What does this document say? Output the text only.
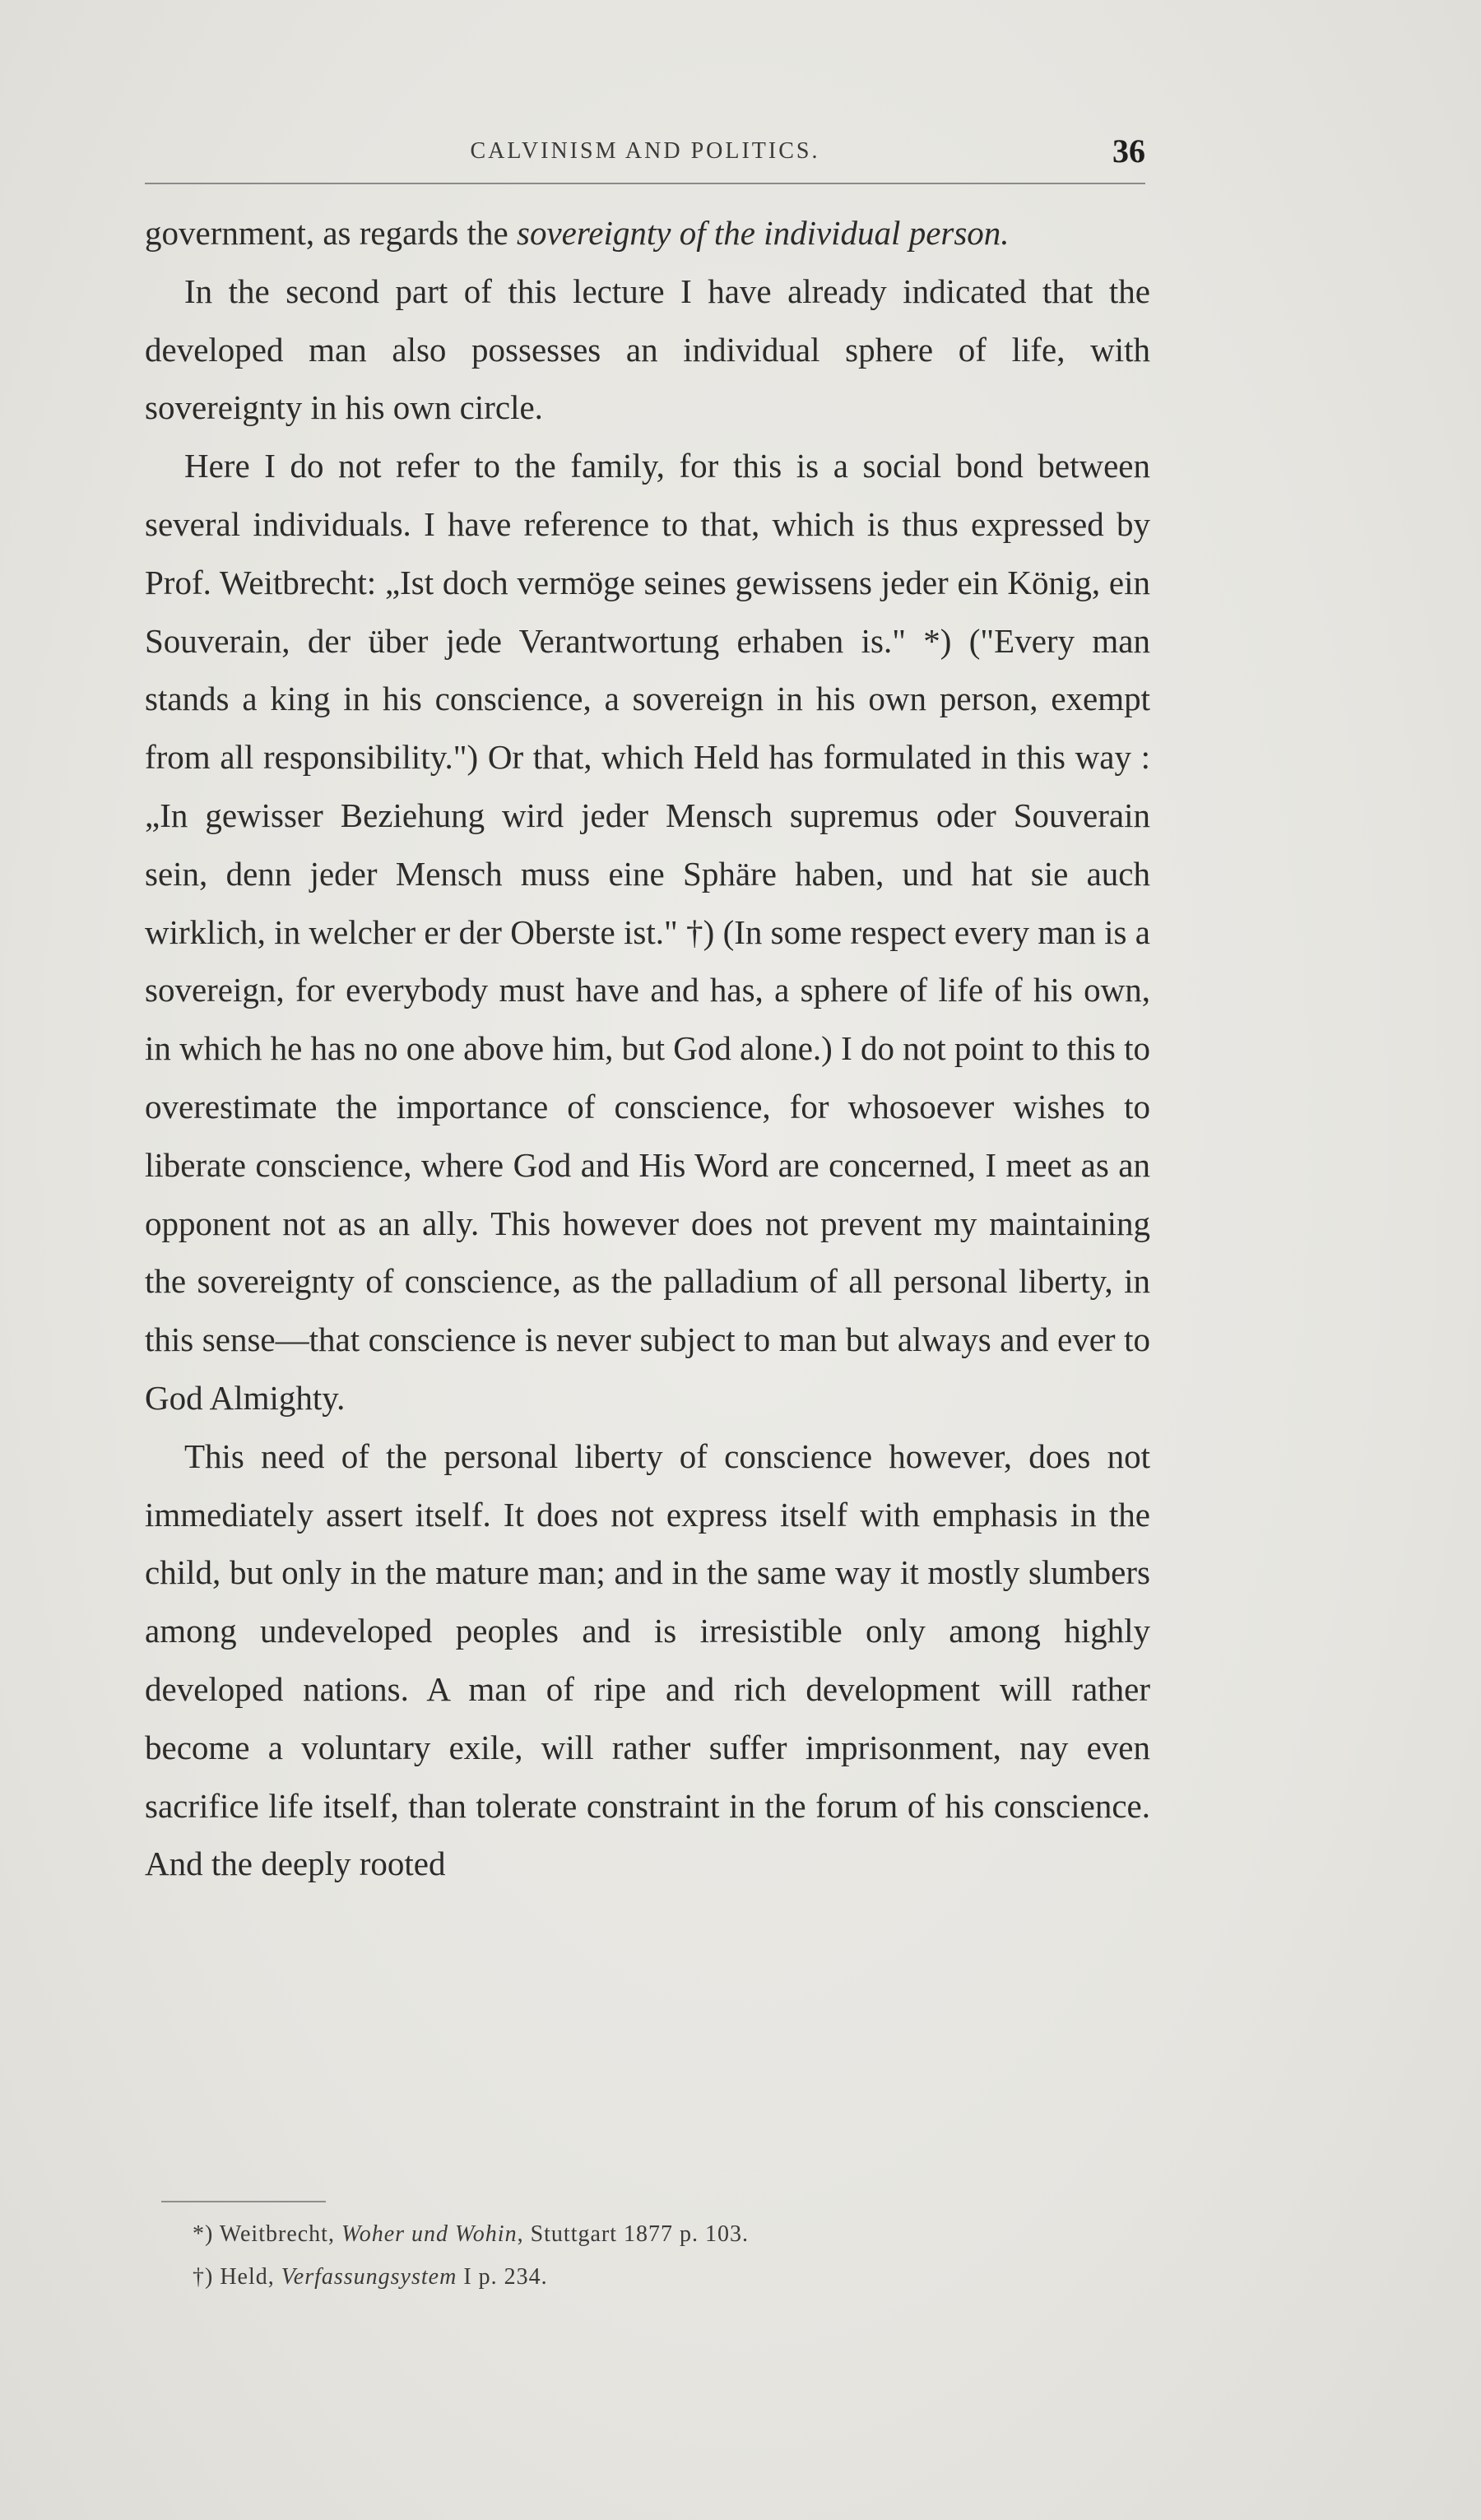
CALVINISM AND POLITICS.	36

government, as regards the sovereignty of the individual person.

In the second part of this lecture I have already indicated that the developed man also possesses an individual sphere of life, with sovereignty in his own circle.

Here I do not refer to the family, for this is a social bond between several individuals. I have reference to that, which is thus expressed by Prof. Weitbrecht: „Ist doch vermöge seines gewissens jeder ein König, ein Souverain, der über jede Verantwortung erhaben is." *) ("Every man stands a king in his conscience, a sovereign in his own person, exempt from all responsibility.") Or that, which Held has formulated in this way : „In gewisser Beziehung wird jeder Mensch supremus oder Souverain sein, denn jeder Mensch muss eine Sphäre haben, und hat sie auch wirklich, in welcher er der Oberste ist." †) (In some respect every man is a sovereign, for everybody must have and has, a sphere of life of his own, in which he has no one above him, but God alone.) I do not point to this to overestimate the importance of conscience, for whosoever wishes to liberate conscience, where God and His Word are concerned, I meet as an opponent not as an ally. This however does not prevent my maintaining the sovereignty of conscience, as the palladium of all personal liberty, in this sense—that conscience is never subject to man but always and ever to God Almighty.

This need of the personal liberty of conscience however, does not immediately assert itself. It does not express itself with emphasis in the child, but only in the mature man; and in the same way it mostly slumbers among undeveloped peoples and is irresistible only among highly developed nations. A man of ripe and rich development will rather become a voluntary exile, will rather suffer imprisonment, nay even sacrifice life itself, than tolerate constraint in the forum of his conscience. And the deeply rooted

*) Weitbrecht, Woher und Wohin, Stuttgart 1877 p. 103.

†) Held, Verfassungsystem I p. 234.
